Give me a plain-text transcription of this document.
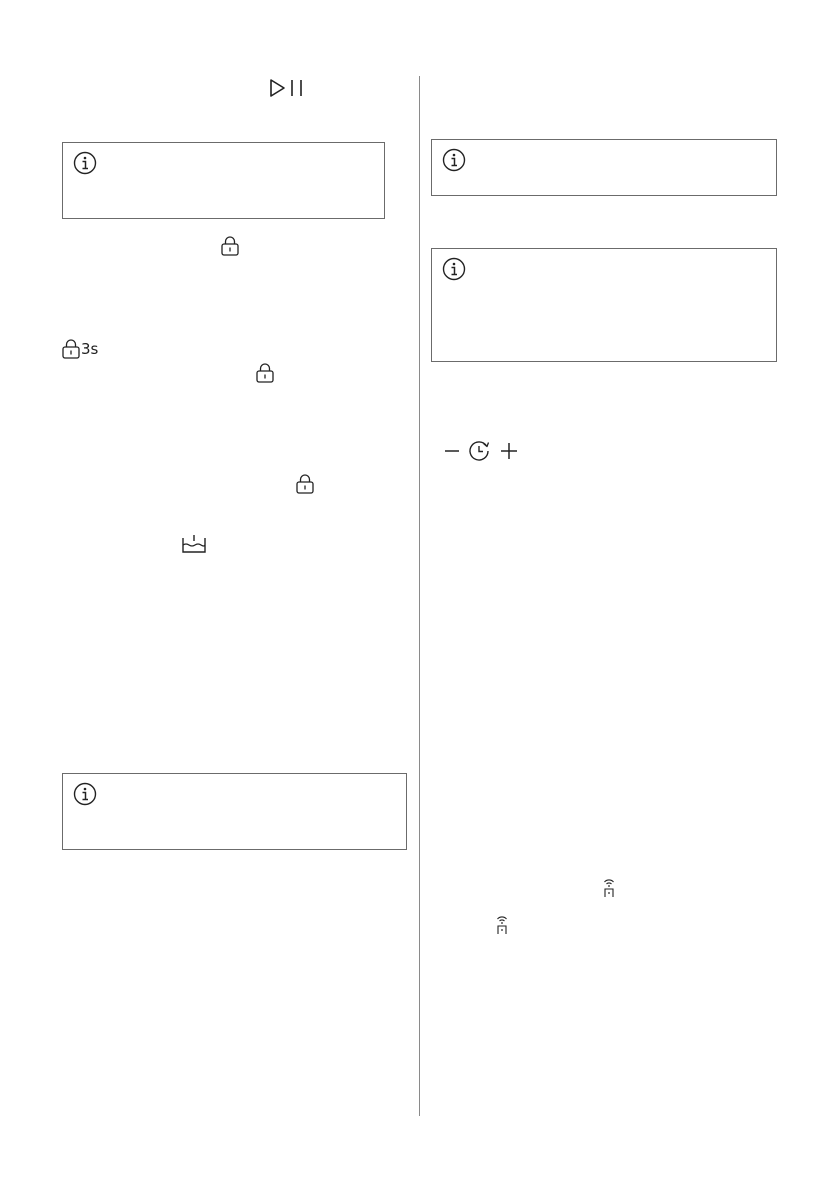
3s
